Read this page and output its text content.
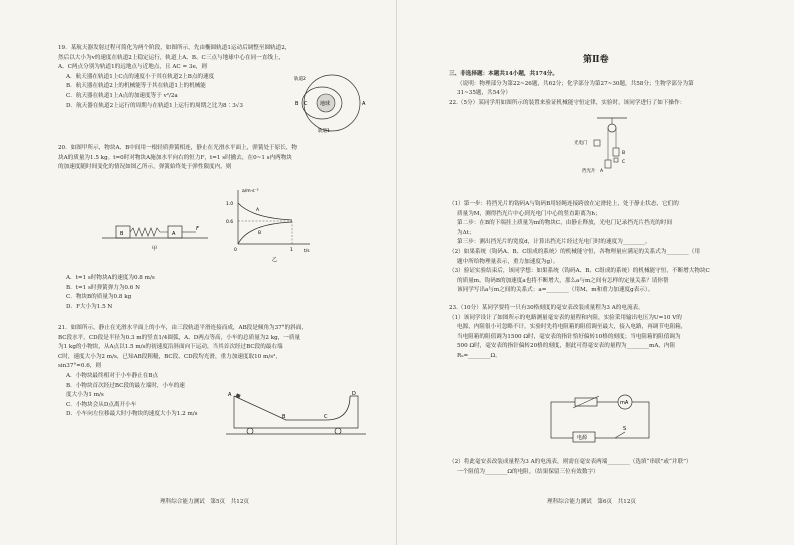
19．某航天器发射过程可简化为两个阶段，如图所示，先由椭圆轨道1运动后调整至圆轨道2，

然后以大小为v的速度在轨道2上稳定运行，轨道上A、B、C三点与地球中心在同一直线上，

A、C两点分别为轨道1的远地点与近地点，且 AC = 3e，则

A．航天器在轨道1上C点的速度小于其在轨道2上B点的速度

B．航天器在轨道2上的机械能等于其在轨道1上的机械能

C．航天器在轨道1上A点的加速度等于 v²/2a

D．航天器在轨道2上运行的周期与在轨道1上运行的周期之比为8∶3√3	地球
B C	A
轨道2
轨道1

20．如图甲所示，物块A、B中间用一根轻质弹簧相连，静止在光滑水平面上，弹簧处于原长，物

块A的质量为1.5 kg。t=0时对物块A施加水平向右的恒力F，t=1 s时撤去，在0~1 s内两物块

的加速度随时间变化的情况如图乙所示，弹簧始终处于弹性限度内，则

B	A
F
甲
a/m·s⁻²
t/s
1.0
0.6
0	1
A
B
乙

A．t=1 s时物块A的速度为0.8 m/s

B．t=1 s时弹簧弹力为0.6 N

C．物块B的质量为0.8 kg

D．F大小为1.5 N

21．如图所示，静止在光滑水平面上的小车，由三段轨道平滑连接而成，AB段是倾角为37°的斜面，

BC段水平，CD段是半径为0.3 m的竖直1/4圆弧，A、D两点等高，小车的总质量为2 kg，一质量

为1 kg的小物块，从A点以1.5 m/s的初速度沿斜面向下运动，当其首次经过BC段的最右端

C时，速度大小为2 m/s，已知AB段粗糙，BC段、CD段均光滑，重力加速度取10 m/s²，

sin37°=0.6，则

A．小物块最终相对于小车静止在B点

B．小物块首次经过BC段的最左端时，小车的速

度大小为1 m/s

C．小物块会从D点离开小车

D．小车向左位移最大时小物块的速度大小为1.2 m/s

A
B	C
D
理科综合能力测试　第5页　共12页
第Ⅱ卷

三、非选择题：本题共14小题，共174分。

（说明：物理部分为第22~26题，共62分；化学部分为第27~30题，共58分；生物学部分为第

31~35题，共54分）

22.（5分）某同学用如图所示的装置来验证机械能守恒定律，实验时，该同学进行了如下操作：

光电门
挡光片 A
B
C

（1）第一步：将挡光片的钩码A与钩码B用轻绳连接跨放在定滑轮上，处于静止状态，它们的

质量为M，测得挡光片中心到光电门中心的竖直距离为h；

第二步：在B的下端挂上质量为m的物块C，由静止释放，光电门记录挡光片挡光的时间

为Δt；

第三步：测出挡光片的宽度d，计算出挡光片经过光电门时的速度为________。

（2）如果系统（钩码A、B、C组成的系统）的机械能守恒，各物理量应满足的关系式为________（用

题中所给物理量表示，重力加速度为g）。

（3）验证实验结束后，该同学想：如果系统（钩码A、B、C组成的系统）的机械能守恒，不断增大物块C

的质量m，钩码B的加速度a也将不断增大，那么a与m之间有怎样的定量关系？请你帮

该同学写出a与m之间的关系式：a=________（用M、m和重力加速度g表示）。

23.（10分）某同学要将一只有30格刻度的毫安表改装成量程为3 A的电流表。

（1）该同学设计了如图所示的电路测量毫安表的量程和内阻，实验采用输出电压为U=10 V的

电源，内阻很小可忽略不计，实验时先将电阻箱的阻值调至最大，接入电路，再调节电阻箱，

当电阻箱的阻值调为1500 Ω时，毫安表的指针恰好偏转10格的刻度；当电阻箱的阻值调为

500 Ω时，毫安表的指针偏转20格的刻度，据此可得毫安表的量程为________mA，内阻

R₉=________Ω。

mA
电源
S

（2）将此毫安表改装成量程为3 A的电流表，则需在毫安表两端________（选填“串联”或“并联”）

一个阻值为________Ω的电阻。（结果保留三位有效数字）

理科综合能力测试　第6页　共12页
